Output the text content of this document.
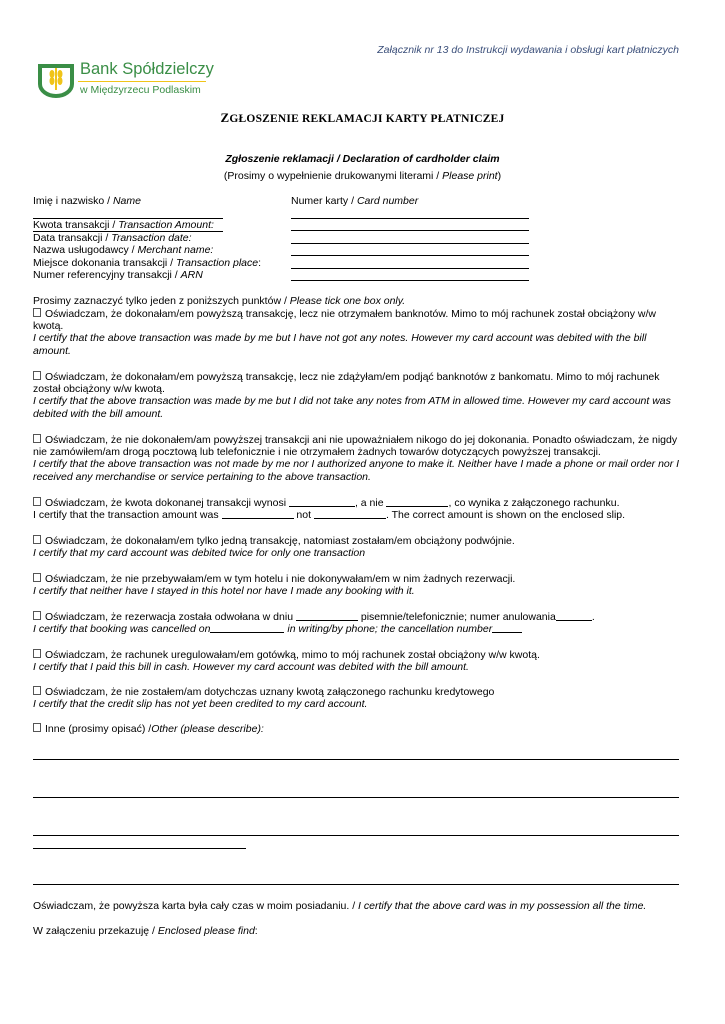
Załącznik nr 13 do Instrukcji wydawania i obsługi kart płatniczych
Bank Spółdzielczy
w Międzyrzecu Podlaskim
ZGŁOSZENIE REKLAMACJI KARTY PŁATNICZEJ
Zgłoszenie reklamacji / Declaration of cardholder claim
(Prosimy o wypełnienie drukowanymi literami / Please print)
Imię i nazwisko / Name	Numer karty / Card number
Kwota transakcji / Transaction Amount:
Data transakcji / Transaction date:
Nazwa usługodawcy / Merchant name:
Miejsce dokonania transakcji / Transaction place:
Numer referencyjny transakcji / ARN
Prosimy zaznaczyć tylko jeden z poniższych punktów / Please tick one box only.
Oświadczam, że dokonałam/em powyższą transakcję, lecz nie otrzymałem banknotów. Mimo to mój rachunek został obciążony w/w kwotą.
I certify that the above transaction was made by me but I have not got any notes. However my card account was debited with the bill amount.
Oświadczam, że dokonałam/em powyższą transakcję, lecz nie zdążyłam/em podjąć banknotów z bankomatu. Mimo to mój rachunek został obciążony w/w kwotą.
I certify that the above transaction was made by me but I did not take any notes from ATM in allowed time. However my card account was debited with the bill amount.
Oświadczam, że nie dokonałem/am powyższej transakcji ani nie upoważniałem nikogo do jej dokonania. Ponadto oświadczam, że nigdy nie zamówiłem/am drogą pocztową lub telefonicznie i nie otrzymałem żadnych towarów dotyczących powyższej transakcji.
I certify that the above transaction was not made by me nor I authorized anyone to make it. Neither have I made a phone or mail order nor I received any merchandise or service pertaining to the above transaction.
Oświadczam, że kwota dokonanej transakcji wynosi	, a nie	, co wynika z załączonego rachunku.
I certify that the transaction amount was	not	. The correct amount is shown on the enclosed slip.
Oświadczam, że dokonałam/em tylko jedną transakcję, natomiast zostałam/em obciążony podwójnie.
I certify that my card account was debited twice for only one transaction
Oświadczam, że nie przebywałam/em w tym hotelu i nie dokonywałam/em w nim żadnych rezerwacji.
I certify that neither have I stayed in this hotel nor have I made any booking with it.
Oświadczam, że rezerwacja została odwołana w dniu	pisemnie/telefonicznie; numer anulowania	.
I certify that booking was cancelled on	in writing/by phone; the cancellation number
Oświadczam, że rachunek uregulowałam/em gotówką, mimo to mój rachunek został obciążony w/w kwotą.
I certify that I paid this bill in cash. However my card account was debited with the bill amount.
Oświadczam, że nie zostałem/am dotychczas uznany kwotą załączonego rachunku kredytowego
I certify that the credit slip has not yet been credited to my card account.
Inne (prosimy opisać) /Other (please describe):
Oświadczam, że powyższa karta była cały czas w moim posiadaniu. / I certify that the above card was in my possession all the time.
W załączeniu przekazuję / Enclosed please find:
